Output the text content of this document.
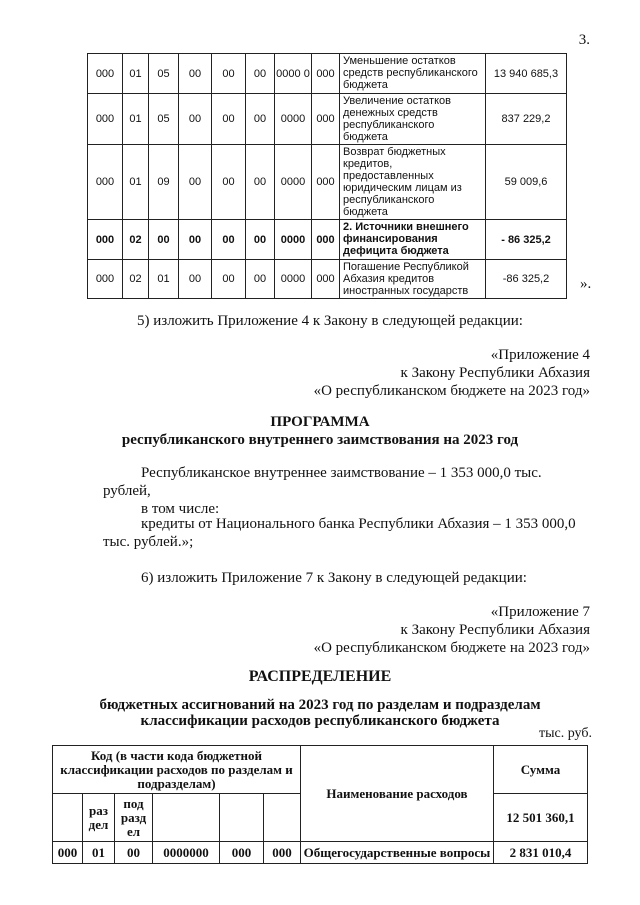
3.
000	01	05	00	00	00	0000 0	000	Уменьшение остатков средств республиканского бюджета	13 940 685,3
000	01	05	00	00	00	0000	000	Увеличение остатков денежных средств республиканского бюджета	837 229,2
000	01	09	00	00	00	0000	000	Возврат бюджетных кредитов, предоставленных юридическим лицам из республиканского бюджета	59 009,6
000	02	00	00	00	00	0000	000	2. Источники внешнего финансирования дефицита бюджета	- 86 325,2
000	02	01	00	00	00	0000	000	Погашение Республикой Абхазия кредитов иностранных государств	-86 325,2 ».
5) изложить Приложение 4 к Закону в следующей редакции:
«Приложение 4
к Закону Республики Абхазия
«О республиканском бюджете на 2023 год»
ПРОГРАММА
республиканского внутреннего заимствования на 2023 год
Республиканское внутреннее заимствование – 1 353 000,0 тыс.
рублей,
в том числе:
кредиты от Национального банка Республики Абхазия – 1 353 000,0
тыс. рублей.»;
6) изложить Приложение 7 к Закону в следующей редакции:
«Приложение 7
к Закону Республики Абхазия
«О республиканском бюджете на 2023 год»
РАСПРЕДЕЛЕНИЕ
бюджетных ассигнований на 2023 год по разделам и подразделам
классификации расходов республиканского бюджета
тыс. руб.
Код (в части кода бюджетной классификации расходов по разделам и подразделам)						Наименование расходов	Сумма
	раз дел	под разд ел					12 501 360,1
000	01	00	0000000	000	000	Общегосударственные вопросы	2 831 010,4
